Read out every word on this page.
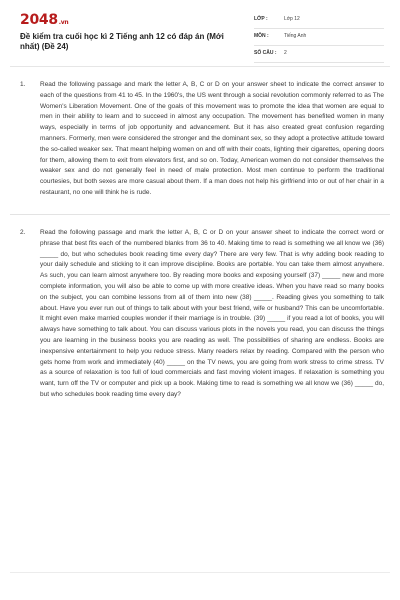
2048.vn
Đề kiểm tra cuối học kì 2 Tiếng anh 12 có đáp án (Mới nhất) (Đề 24)
LỚP :	Lớp 12
MÔN :	Tiếng Anh
SỐ CÂU : 2
1. Read the following passage and mark the letter A, B, C or D on your answer sheet to indicate the correct answer to each of the questions from 41 to 45. In the 1960's, the US went through a social revolution commonly referred to as The Women's Liberation Movement. One of the goals of this movement was to promote the idea that women are equal to men in their ability to learn and to succeed in almost any occupation. The movement has benefited women in many ways, especially in terms of job opportunity and advancement. But it has also created great confusion regarding manners. Formerly, men were considered the stronger and the dominant sex, so they adopt a protective attitude toward the so-called weaker sex. That meant helping women on and off with their coats, lighting their cigarettes, opening doors for them, allowing them to exit from elevators first, and so on. Today, American women do not consider themselves the weaker sex and do not generally feel in need of male protection. Most men continue to perform the traditional courtesies, but both sexes are more casual about them. If a man does not help his girlfriend into or out of her chair in a restaurant, no one will think he is rude.
2. Read the following passage and mark the letter A, B, C or D on your answer sheet to indicate the correct word or phrase that best fits each of the numbered blanks from 36 to 40. Making time to read is something we all know we (36) _____ do, but who schedules book reading time every day? There are very few. That is why adding book reading to your daily schedule and sticking to it can improve discipline. Books are portable. You can take them almost anywhere. As such, you can learn almost anywhere too. By reading more books and exposing yourself (37) _____ new and more complete information, you will also be able to come up with more creative ideas. When you have read so many books on the subject, you can combine lessons from all of them into new (38) _____. Reading gives you something to talk about. Have you ever run out of things to talk about with your best friend, wife or husband? This can be uncomfortable. It might even make married couples wonder if their marriage is in trouble. (39) _____ if you read a lot of books, you will always have something to talk about. You can discuss various plots in the novels you read, you can discuss the things you are learning in the business books you are reading as well. The possibilities of sharing are endless. Books are inexpensive entertainment to help you reduce stress. Many readers relax by reading. Compared with the person who gets home from work and immediately (40) _____ on the TV news, you are going from work stress to crime stress. TV as a source of relaxation is too full of loud commercials and fast moving violent images. If relaxation is something you want, turn off the TV or computer and pick up a book. Making time to read is something we all know we (36) _____ do, but who schedules book reading time every day?
